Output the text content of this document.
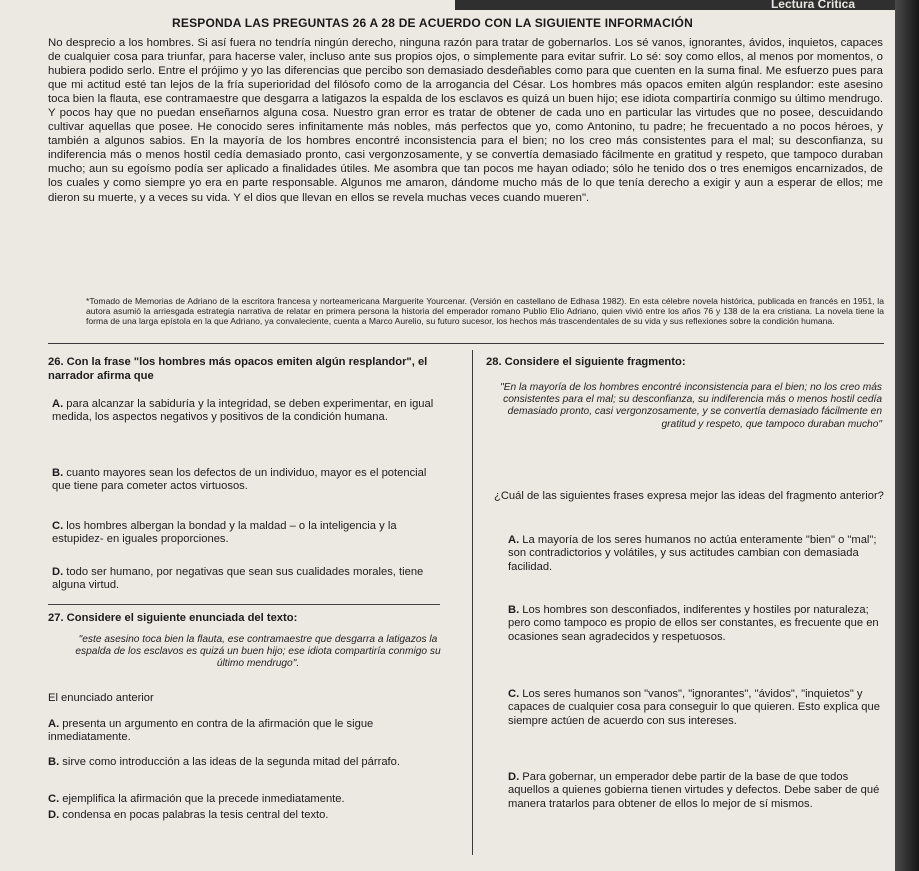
Lectura Crítica
RESPONDA LAS PREGUNTAS 26 A 28 DE ACUERDO CON LA SIGUIENTE INFORMACIÓN
No desprecio a los hombres. Si así fuera no tendría ningún derecho, ninguna razón para tratar de gobernarlos. Los sé vanos, ignorantes, ávidos, inquietos, capaces de cualquier cosa para triunfar, para hacerse valer, incluso ante sus propios ojos, o simplemente para evitar sufrir. Lo sé: soy como ellos, al menos por momentos, o hubiera podido serlo. Entre el prójimo y yo las diferencias que percibo son demasiado desdeñables como para que cuenten en la suma final. Me esfuerzo pues para que mi actitud esté tan lejos de la fría superioridad del filósofo como de la arrogancia del César. Los hombres más opacos emiten algún resplandor: este asesino toca bien la flauta, ese contramaestre que desgarra a latigazos la espalda de los esclavos es quizá un buen hijo; ese idiota compartiría conmigo su último mendrugo. Y pocos hay que no puedan enseñarnos alguna cosa. Nuestro gran error es tratar de obtener de cada uno en particular las virtudes que no posee, descuidando cultivar aquellas que posee. He conocido seres infinitamente más nobles, más perfectos que yo, como Antonino, tu padre; he frecuentado a no pocos héroes, y también a algunos sabios. En la mayoría de los hombres encontré inconsistencia para el bien; no los creo más consistentes para el mal; su desconfianza, su indiferencia más o menos hostil cedía demasiado pronto, casi vergonzosamente, y se convertía demasiado fácilmente en gratitud y respeto, que tampoco duraban mucho; aun su egoísmo podía ser aplicado a finalidades útiles. Me asombra que tan pocos me hayan odiado; sólo he tenido dos o tres enemigos encarnizados, de los cuales y como siempre yo era en parte responsable. Algunos me amaron, dándome mucho más de lo que tenía derecho a exigir y aun a esperar de ellos; me dieron su muerte, y a veces su vida. Y el dios que llevan en ellos se revela muchas veces cuando mueren".
*Tomado de Memorias de Adriano de la escritora francesa y norteamericana Marguerite Yourcenar. (Versión en castellano de Edhasa 1982). En esta célebre novela histórica, publicada en francés en 1951, la autora asumió la arriesgada estrategia narrativa de relatar en primera persona la historia del emperador romano Publio Elio Adriano, quien vivió entre los años 76 y 138 de la era cristiana. La novela tiene la forma de una larga epístola en la que Adriano, ya convaleciente, cuenta a Marco Aurelio, su futuro sucesor, los hechos más trascendentales de su vida y sus reflexiones sobre la condición humana.
26. Con la frase "los hombres más opacos emiten algún resplandor", el narrador afirma que
A. para alcanzar la sabiduría y la integridad, se deben experimentar, en igual medida, los aspectos negativos y positivos de la condición humana.
B. cuanto mayores sean los defectos de un individuo, mayor es el potencial que tiene para cometer actos virtuosos.
C. los hombres albergan la bondad y la maldad – o la inteligencia y la estupidez- en iguales proporciones.
D. todo ser humano, por negativas que sean sus cualidades morales, tiene alguna virtud.
27. Considere el siguiente enunciada del texto:
"este asesino toca bien la flauta, ese contramaestre que desgarra a latigazos la espalda de los esclavos es quizá un buen hijo; ese idiota compartiría conmigo su último mendrugo".
El enunciado anterior
A. presenta un argumento en contra de la afirmación que le sigue inmediatamente.
B. sirve como introducción a las ideas de la segunda mitad del párrafo.
C. ejemplifica la afirmación que la precede inmediatamente.
D. condensa en pocas palabras la tesis central del texto.
28. Considere el siguiente fragmento:
"En la mayoría de los hombres encontré inconsistencia para el bien; no los creo más consistentes para el mal; su desconfianza, su indiferencia más o menos hostil cedía demasiado pronto, casi vergonzosamente, y se convertía demasiado fácilmente en gratitud y respeto, que tampoco duraban mucho"
¿Cuál de las siguientes frases expresa mejor las ideas del fragmento anterior?
A. La mayoría de los seres humanos no actúa enteramente "bien" o "mal"; son contradictorios y volátiles, y sus actitudes cambian con demasiada facilidad.
B. Los hombres son desconfiados, indiferentes y hostiles por naturaleza; pero como tampoco es propio de ellos ser constantes, es frecuente que en ocasiones sean agradecidos y respetuosos.
C. Los seres humanos son "vanos", "ignorantes", "ávidos", "inquietos" y capaces de cualquier cosa para conseguir lo que quieren. Esto explica que siempre actúen de acuerdo con sus intereses.
D. Para gobernar, un emperador debe partir de la base de que todos aquellos a quienes gobierna tienen virtudes y defectos. Debe saber de qué manera tratarlos para obtener de ellos lo mejor de sí mismos.
